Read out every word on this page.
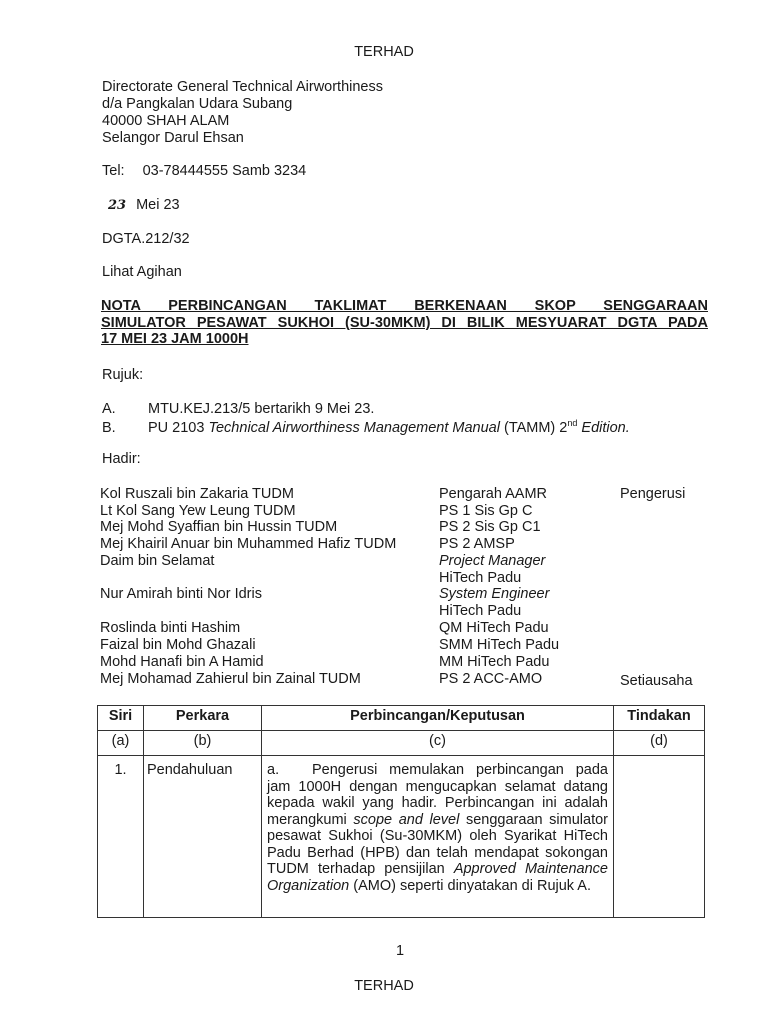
TERHAD
Directorate General Technical Airworthiness
d/a Pangkalan Udara Subang
40000 SHAH ALAM
Selangor Darul Ehsan
Tel: 03-78444555 Samb 3234
23 Mei 23
DGTA.212/32
Lihat Agihan
NOTA PERBINCANGAN TAKLIMAT BERKENAAN SKOP SENGGARAAN
SIMULATOR PESAWAT SUKHOI (SU-30MKM) DI BILIK MESYUARAT DGTA PADA
17 MEI 23 JAM 1000H
Rujuk:
A. MTU.KEJ.213/5 bertarikh 9 Mei 23.
B. PU 2103 Technical Airworthiness Management Manual (TAMM) 2nd Edition.
Hadir:
Kol Ruszali bin Zakaria TUDM	Pengarah AAMR	Pengerusi
Lt Kol Sang Yew Leung TUDM	PS 1 Sis Gp C
Mej Mohd Syaffian bin Hussin TUDM	PS 2 Sis Gp C1
Mej Khairil Anuar bin Muhammed Hafiz TUDM	PS 2 AMSP
Daim bin Selamat	Project Manager
HiTech Padu
Nur Amirah binti Nor Idris	System Engineer
HiTech Padu
Roslinda binti Hashim	QM HiTech Padu
Faizal bin Mohd Ghazali	SMM HiTech Padu
Mohd Hanafi bin A Hamid	MM HiTech Padu
Mej Mohamad Zahierul bin Zainal TUDM	PS 2 ACC-AMO	Setiausaha
Siri	Perkara	Perbincangan/Keputusan	Tindakan
(a)	(b)	(c)	(d)
1.	Pendahuluan	a. Pengerusi memulakan perbincangan pada jam 1000H dengan mengucapkan selamat datang kepada wakil yang hadir. Perbincangan ini adalah merangkumi scope and level senggaraan simulator pesawat Sukhoi (Su-30MKM) oleh Syarikat HiTech Padu Berhad (HPB) dan telah mendapat sokongan TUDM terhadap pensijilan Approved Maintenance Organization (AMO) seperti dinyatakan di Rujuk A.	
1
TERHAD
